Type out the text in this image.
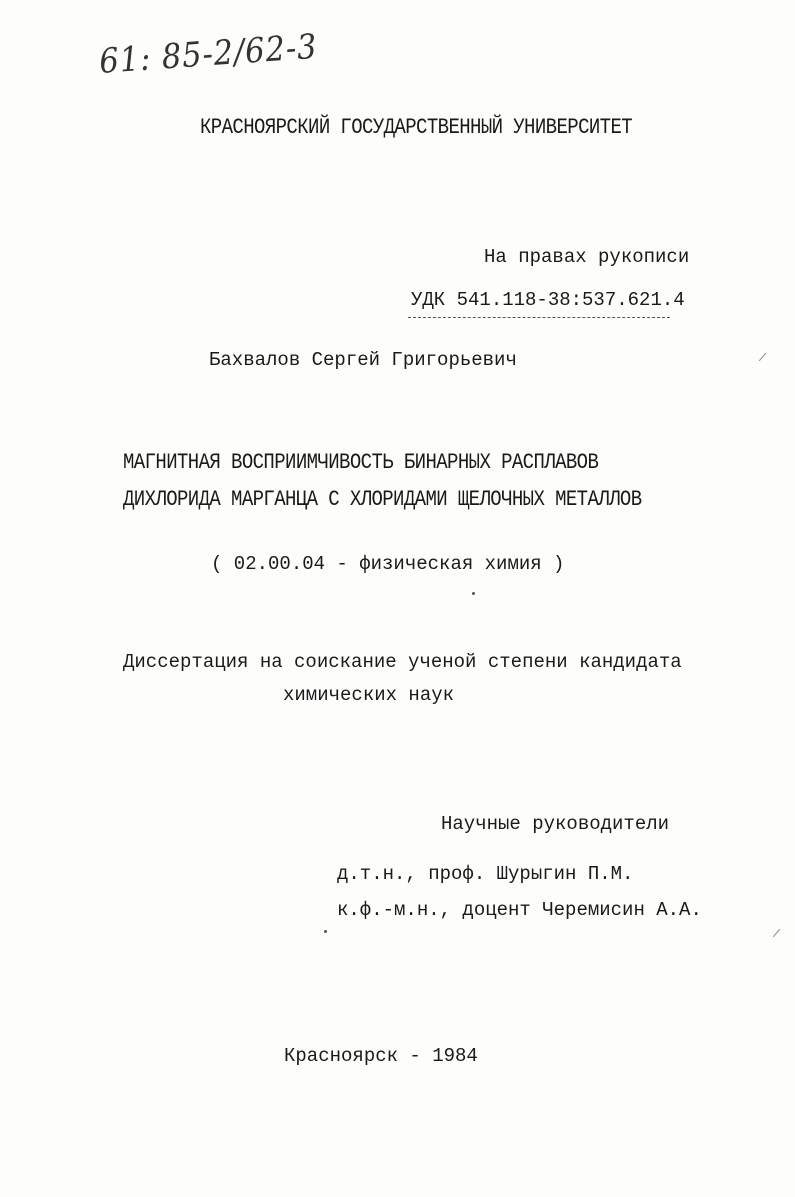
61: 85-2/62-3
КРАСНОЯРСКИЙ ГОСУДАРСТВЕННЫЙ УНИВЕРСИТЕТ
На правах рукописи
УДК 541.118-38:537.621.4
Бахвалов Сергей Григорьевич
МАГНИТНАЯ ВОСПРИИМЧИВОСТЬ БИНАРНЫХ РАСПЛАВОВ
ДИХЛОРИДА МАРГАНЦА С ХЛОРИДАМИ ЩЕЛОЧНЫХ МЕТАЛЛОВ
( 02.00.04 - физическая химия )
Диссертация на соискание ученой степени кандидата
химических наук
Научные руководители
д.т.н., проф. Шурыгин П.М.
к.ф.-м.н., доцент Черемисин А.А.
Красноярск - 1984
